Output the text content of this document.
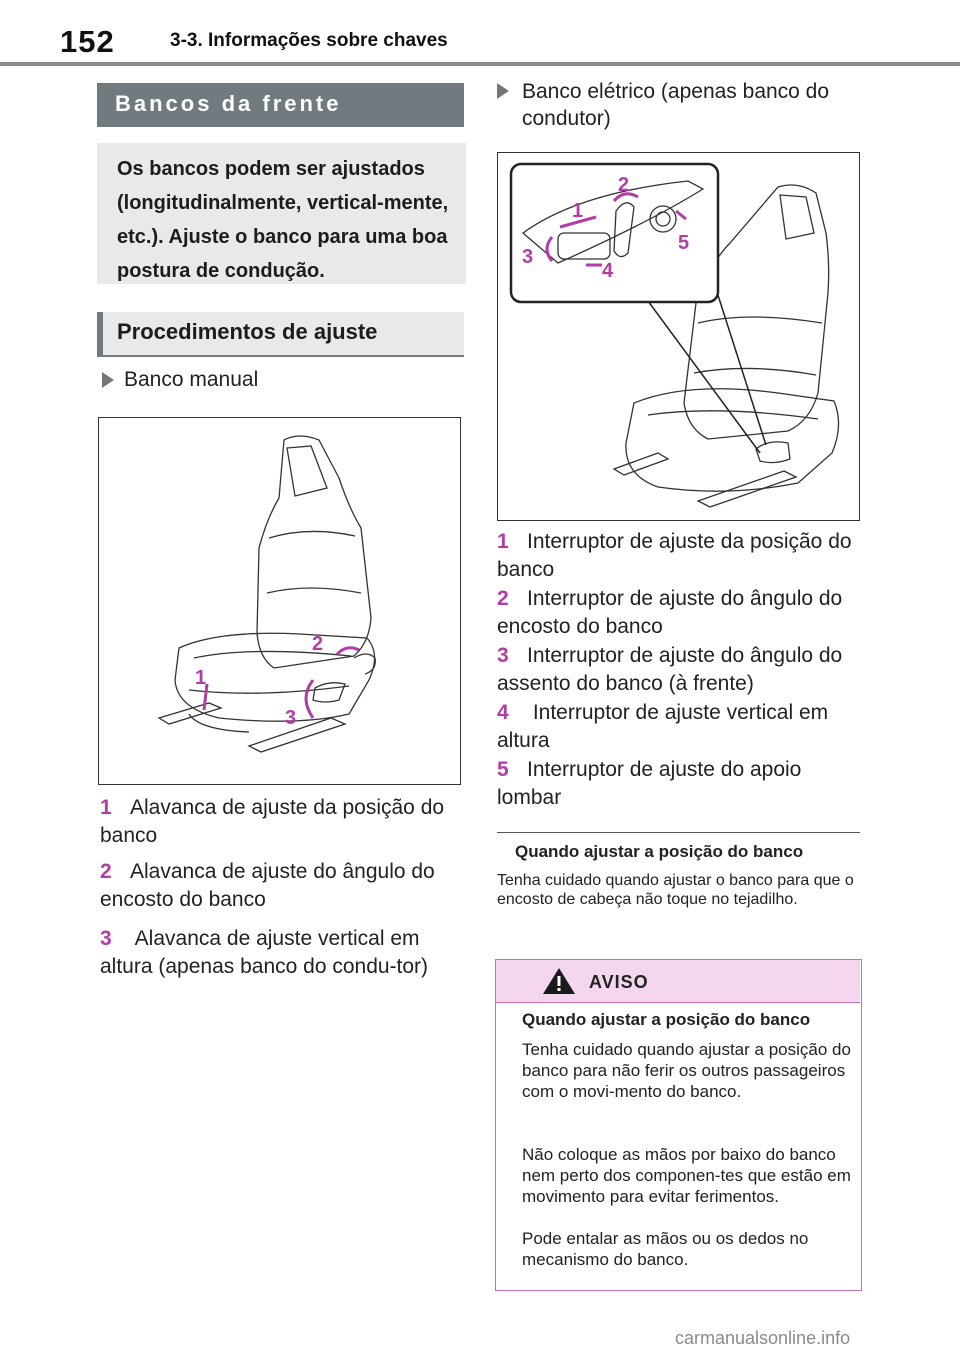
152	3-3. Informações sobre chaves
Bancos da frente
Os bancos podem ser ajustados (longitudinalmente, vertical-mente, etc.). Ajuste o banco para uma boa postura de condução.
Procedimentos de ajuste
Banco manual
1
2
3
1 Alavanca de ajuste da posição do banco
2 Alavanca de ajuste do ângulo do encosto do banco
3 Alavanca de ajuste vertical em altura (apenas banco do condu-tor)
Banco elétrico (apenas banco do condutor)
1
2
3
4
5
1 Interruptor de ajuste da posição do banco
2 Interruptor de ajuste do ângulo do encosto do banco
3 Interruptor de ajuste do ângulo do assento do banco (à frente)
4 Interruptor de ajuste vertical em altura
5 Interruptor de ajuste do apoio lombar
Quando ajustar a posição do banco
Tenha cuidado quando ajustar o banco para que o encosto de cabeça não toque no tejadilho.
AVISO
Quando ajustar a posição do banco
Tenha cuidado quando ajustar a posição do banco para não ferir os outros passageiros com o movi-mento do banco.
Não coloque as mãos por baixo do banco nem perto dos componen-tes que estão em movimento para evitar ferimentos.
Pode entalar as mãos ou os dedos no mecanismo do banco.
carmanualsonline.info
